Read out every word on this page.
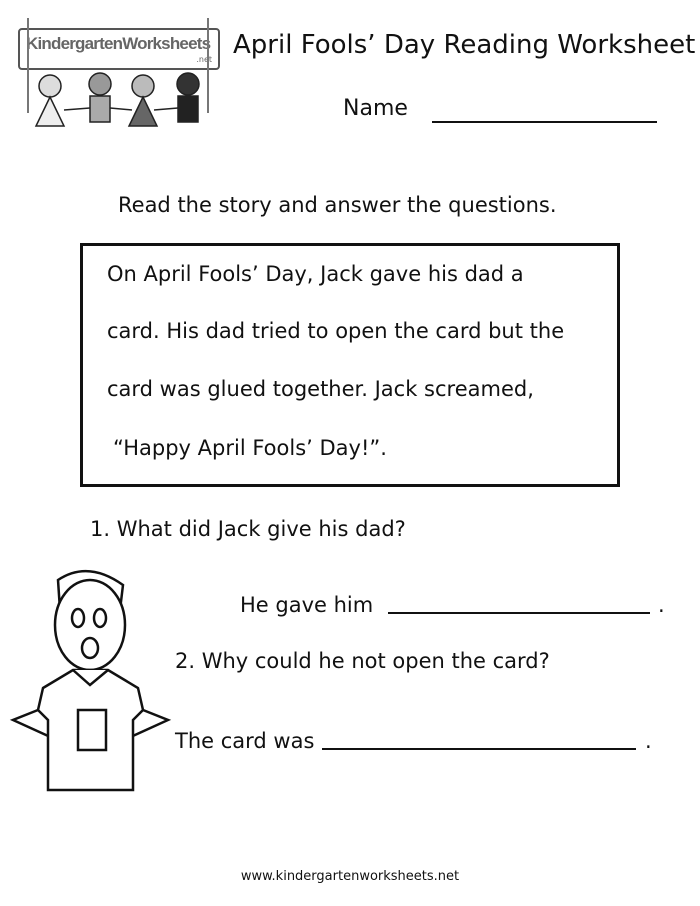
KindergartenWorksheets
.net April Fools’ Day Reading Worksheet
Name
Read the story and answer the questions.
On April Fools’ Day, Jack gave his dad a
card. His dad tried to open the card but the
card was glued together. Jack screamed,
“Happy April Fools’ Day!”.
1. What did Jack give his dad?
He gave him	.
2. Why could he not open the card?
The card was	.
www.kindergartenworksheets.net
